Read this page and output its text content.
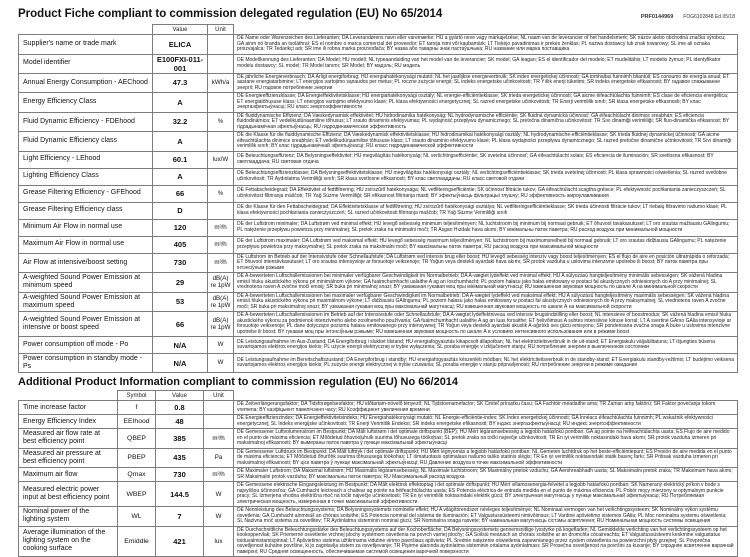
Product Fiche compliant to commission delegated regulation (EU) No 65/2014	PRF0144969 FOG6102848 Ed 05/18
	Value	Unit	
Supplier's name or trade mark	ELICA		DE Name oder Warenzeichen des Lieferanten; DA Leverandørens navn eller varemærke; HU a gyártó neve vagy márkajelzése; NL naam van de leverancier of het handelsmerk; SK názov alebo obchodná značka výrobcu; GA ainm nó branda an tsoláthraí; ES el nombre o marca comercial del proveedor; ET tarnija nimi või kaubamärk; LT Tiekėjo pavadinimas ir prekės ženklas; PL nazwa dostawcy lub znak towarowy; SL ime ali oznaka proizvajalca; TR Tedarikçi adı; SR ime ili robna marka proizvođača; BY назва або таварны знак пастаўшчыка; RU название или марка поставщика
Model identifier	E100FXI-011-001		DE Modellkennung des Lieferanten; DA Model; HU modell; NL typeaanduiding van het model van de leverancier; SK model; GA leagan; ES el identificador del modelo; ET mudelitähis; LT modelio žymuo; PL identyfikator modelu dostawcy; SL model; TR Model tanımı; SR Model; BY мадэль; RU модель
Annual Energy Consumption - AEChood	47.3	kWh/a	DE jährliche Energieverbrauch; DA Årligt energiforbrug; HU energiahatékonysági mutató; NL het jaarlijkse energieverbruik; SK index energetickej účinnosti; GA tomhaltas fuinnimh bliantúil; ES consumo de energía anual; ET aastane energiatarbimine; LT energijos vartojimo sąnaudos per metus; PL roczne zużycie energii; SL indeks energetske učinkovitosti; TR Yıllık enerji tüketimi; SR indeks energetske efikasnosti; BY гадавое спажыванне энергіі; RU годовое потребление энергии
Energy Efficiency Class	A		DE Energieeffizienzklasse; DA Energieffektivitetsklasse; HU energiahatékonysági osztály; NL energie-efficiëntieklasse; SK trieda energetickej účinnosti; GA aicme éifeachtúlachta fuinnimh; ES clase de eficiencia energética; ET energiatõhususe klass; LT energijos vartojimo efektyvumo klasė; PL klasa efektywności energetycznej; SL razred energetske učinkovitosti; TR Enerji verimlilik sınıfı; SR klasa energetske efikasnosti; BY клас энергаэфектыўнасці; RU класс энергоэффективности
Fluid Dynamic Efficiency - FDEhood	32.2	%	DE fluiddynamische Effizienz; DA Væskedynamisk effektivitet; HU hidrodinamika hatékonyság; NL hydrodynamische efficiëntie; SK fluidná dynamická účinnosť; GA éifeachtúlacht dinimice sreabhán; ES eficiencia fluidodinámica; ET vedelikudünaamiline tõhusus; LT srauto dinaminis efektyvumas; PL wydajność przepływu dynamicznego; SL pretočna dinamična učinkovitost; TR Sıvı dinamiği verimliliği; SR fluo-dinamička efikasnost; BY гідрадынамічная эфектыўнасць; RU гидродинамическая эффективность
Fluid Dynamic Efficiency class	A		DE die Klasse für die fluiddynamische Effizienz; DA Væskedynamisk effektivitetsklasse; HU hidrodinamikai hatékonysági osztály; NL hydrodynamische-efficiëntieklasse; SK trieda fluidnej dynamickej účinnosti; GA aicme éifeachtúlachta dinimice sreabhán; ET vedelikudünaamilise tõhususe klass; LT srauto dinaminio efektyvumo klasė; PL klasa wydajności przepływu dynamicznego; SL razred pretočne dinamične učinkovitosti; TR Sıvı dinamiği verimlilik sınıfı; BY клас гідрадынамічнай эфектыўнасці; RU класс гидродинамической эффективности
Light Efficiency - LEhood	60.1	lux/W	DE Beleuchtungseffizienz; DA Belysningseffektivitet; HU megvilágítás hatékonyság; NL verlichtingsefficiëntie; SK svetelná účinnosť; GA éifeachtúlacht solais; ES eficiencia de iluminación; SR svetlosna efikasnost; BY светлааддача; RU световая отдача
Lighting Efficiency Class	A		DE Beleuchtungseffizienzklasse; DA Belysningseffektivitetsklasse; HU megvilágítás hatékonysági osztály; NL verlichtingsefficiëntieklasse; SK trieda svetelnej účinnosti; PL klasa sprawności oświetlenia; SL razred svetlobne učinkovitosti; TR Aydınlatma Verimliliği sınıfı; SR klasa svetlosne efikasnosti; BY клас светлааддачы; RU класс световой отдачи
Grease Filtering Efficiency - GFEhood	66	%	DE Fettabscheidegrad; DA Effektivitet af fedtfiltrering; HU zsírszűrő hatékonysága; NL vetfilteringsefficiëntie; SK účinnosť filtrácie tukov; GA éifeachtúlacht scagtha gréisce; PL efektywność pochłaniania zanieczyszczeń; SL učinkovitost filtriranja maščob; TR Yağ Süzme Verimliliği; SR efikasnost filtriranja masti; BY эфектыўнасць фільтрацыі тлушчу; RU эффективность жироулавливания
Grease Filtering Efficiency class	D		DE die Klasse für den Fettabscheidegrad; DA Effektivitetsklasse af fedtfiltrering; HU zsírszűrő hatékonysági osztálya; NL vetfilteringsefficiëntieklasse; SK trieda účinnosti filtrácie tukov; LT riebalų filtravimo našumo klasė; PL klasa efektywności pochłaniania zanieczyszczeń; SL razred učinkovitosti filtriranja maščob; TR Yağ Süzme Verimliliği sınıfı
Minimum Air Flow in normal use	120	m³/h	DE der Luftstrom minimaler; DA Luftstrøm ved minimal effekt; HU levegő sebesség minimum teljesítményen; NL luchtstroom bij minimum bij normaal gebruik; ET õhuvool tavakasutusel; LT oro srautas mažiausiu GAlingumu; PL natężenie przepływu powietrza przy minimalnej; SL pretok zraka na minimalni moči; TR Asgari Hızdaki hava akımı; BY мінімальны паток паветра; RU расход воздуха при минимальной мощности
Maximum Air Flow in normal use	405	m³/h	DE der Luftstrom maximaler; DA Luftstrøm ved maksimal effekt; HU levegő sebesség maximum teljesítményen; NL luchtstroom bij maximumsnelheid bij normaal gebruik; LT oro srautas didžiausiu GAlingumu; PL natężenie przepływu powietrza przy maksymalnej; SL pretok zraka na maksimalni moči; BY максімальны паток паветра; RU расход воздуха при максимальной мощности
Air Flow at intensive/boost setting	730	m³/h	DE Luftstrom im Betrieb auf der Intensivstufe oder Schnellaufstufe; DA Luftstrøm ved intensiv brug eller boost; HU levegő sebesség intenzív vagy boost teljesítményen; ES el flujo de aire en posición ultrarrápida o reforzada; ET õhuvool intensiivkasutusel; LT oro srautas intensyvioje ar forsuotoje veiksenoje; TR Yoğun veya destekli ayardaki hava akımı; SR protok vazduha u uslovima intenzivne upotrebe ili boost; BY паток паветра пры інтэнсіўным рэжыме
A-weighted Sound Power Emission at minimum speed	29	dB(A) re 1pW	DE A-bewerteten Luftschallemissionen bei minimaler verfügbarer Geschwindigkeit im Normalbetrieb; DA A-vægtet lydeffekt ved minimal effekt; HU A súlyozású hangteljesítmény minimális sebességen; SK vážená hladina emisií hluku akustického výkonu pri minimálnom výkone; GA fuaimchumhacht ualaithe A ag an íoschumhacht; PL poziom hałasu jako hałas emitowany w postaci fal akustycznych odniesionych do A przy minimalnej; SL vrednotena raven A zvočne moči emisij; SR buka pri minimalnoj snazi; BY узважаная гукавая моц пры мінімальнай магутнасці; RU взвешенная звуковая мощность по шкале А на минимальной скорости
A-weighted Sound Power Emission at maximum speed	53	dB(A) re 1pW	DE A-bewerteten Luftschallemissionen bei maximaler verfügbarer Geschwindigkeit im Normalbetrieb; DA A-vægtet lydeffekt ved maksimal effekt; HU A súlyozású hangteljesítmény maximális sebességen; SK vážená hladina emisií hluku akustického výkonu pri maximálnom výkone; LT didžiausiu GAlingumu; PL poziom hałasu jako hałas emitowany w postaci fal akustycznych odniesionych do A przy maksymalnej; SL vrednotena raven A zvočne moči; SR buka pri maksimalnoj snazi; BY узважаная гукавая моц пры максімальнай магутнасці; RU взвешенная звуковая мощность по шкале А на максимальной скорости
A-weighted Sound Power Emission at intensive or boost speed	66	dB(A) re 1pW	DE A-bewerteten Luftschallemissionen im Betrieb auf der Intensivstufe oder Schnellaufstufe; DA A-vægtet lydeffektniveau ved intensiv brugsindstilling eller boost; NL intensieve of boostmodus; SK vážená hladina emisií hluku akustického výkonu za podmienok intenzívneho alebo zosilneného používania; GA fuaimchumhacht ualaithe A ag an luas forsaithe; ET helivõimsus A suhtes intensiivse kiiruse korral; LT A svertinė GArso GAlia intensyvioje ar forsuotoje veiksenoje; PL dane dotyczące poziomu hałasu emitowanego przy intensywnej; TR Yoğun veya destekli ayardaki akustik A-ağırlıklı ses gücü emisyonu; SR ponderisana zvučna snaga A buke u uslovima intenzivne upotrebe ili boost; BY гукавая моц пры інтэнсіўным рэжыме; RU взвешенная звуковая мощность по шкале А в условиях интенсивного использования или в режиме boost
Power consumption off mode - Po	N/A	W	DE Leistungsaufnahme im Aus-Zustand; DA Energiforbrug i slukket tilstand; HU energiafogyasztás kikapcsolt állapotban; NL het elektriciteitsverbruik in de uit-stand; ET Energiakulu väljalülitatuna; LT išjungties būsena suvartojamos elektros energijos kiekis; PL użycie energii elektrycznej w trybie wyłączenia; SL poraba energije v izključenem stanju; RU потребление энергии в выключенном состоянии
Power consumption in standby mode - Ps	N/A	W	DE Leistungsaufnahme im Bereitschaftszustand; DA Energiforbrug i standby; HU energiafogyasztás készenléti módban; NL het elektriciteitsverbruik in de standby-stand; ET Energiakulu standby-režiimis; LT budėjimo veiksena suvartojamos elektros energijos kiekis; PL zużycie energii elektrycznej w trybie czuwania; SL poraba energije v stanju pripravljenosti; RU потребление энергии в режиме ожидания
Additional Product Information compliant to commission regulation (EU) No 66/2014
	Symbol	Value	Unit	
Time increase factor	f	0.8		DE Zeitverlängerungsfaktor; DA Tidsforøgelsesfaktor; HU időtartam-növelő tényező; NL Tijdstoenamefactor; SK Činiteľ prírastku času; GA Fachtóir méadaithe ama; TR Zaman artış faktörü; SR Faktor povećanja tokom vremena; BY каэфіцыент павелічэння часу; RU Коэффициент увеличения времени
Energy Efficiency Index	EEIhood	48		DE Energieeffizienzindex; DA Energieffektivitetsindeks; HU Energiahatékonysági mutató; NL Energie-efficiëntie-index; SK Index energetickej účinnosti; GA Innéacs éifeachtúlachta fuinnimh; PL wskaźnik efektywności energetycznej; SL Indeks energijske učinkovitosti; TR Enerji Verimlilik Endeksi; SR indeks energetske efikasnosti; BY індэкс энергаэфектыўнасці; RU индекс энергоэффективности
Measured air flow rate at best efficiency point	QBEP	385	m³/h	DE Gemessener Luftvolumenstrom im Bestpunkt; DA Målt luftstrøm i det optimale driftspunkt (BEP); HU Mért légáramsebesség a legjobb hatásfokú pontban; GA ag pointe na héifeachtúlachta uasta; ES Flujo de aire medido en el punto de máxima eficiencia; ET Mõõdetud õhuvooluhulk suurima tõhususega töökohas; SL pretok zraka na točki največje učinkovitosti; TR En iyi verimlilik noktasındaki hava akımı; SR protok vazduha izmeren pri maksimalnoj efikasnosti; BY вымераны паток паветра ў пункце максімальнай эфектыўнасці
Measured air pressure at best efficiency point	PBEP	435	Pa	DE Gemessener Luftdruck im Bestpunkt; DA Målt lufttryk i det optimale driftspunkt; HU Mért légnyomás a legjobb hatásfokú pontban; NL Gemeten luchtdruk op het beste-efficiëntiepunt; ES Presión de aire medida en el punto de máxima eficiencia; ET Mõõdetud õhurõhk suurima tõhususega töökohas; LT išmatuotasis optimalaus našumo taško statinis slėgis; TR En iyi verimlilik noktasındaki statik basınç farkı; SR Pritisak vazduha izmeren pri maksimalnoj efikasnosti; BY ціск паветра ў пункце максімальнай эфектыўнасці; RU Давление воздуха в точке максимальной эффективности
Maximum air flow	Qmax	730	m³/h	DE Maximaler Luftstrom; DA Maksimal luftstrøm; HU Maximális légáramsebesség; NL Maximale luchtstroom; SK Maximálny prietok vzduchu; GA Aershreabhadh uasta; SL Maksimalni pretok zraka; TR Maksimum hava akımı; SR Maksimalni protok vazduha; BY максімальны паток паветра; RU Максимальный расход воздуха
Measured electric power input at best efficiency point	WBEP	144.5	W	DE Gemessene elektrische Eingangsleistung im Bestpunkt; DA Målt elektrisk effektoptag i det optimale driftspunkt; HU Mért villamosenergia-felvétel a legjobb hatásfokú pontban; SK Nameraný elektrický príkon v bode s najvyššou účinnosťou; GA Cumhacht leictreach a chaitear ag pointe na héifeachtúlachta uasta; ES Potencia eléctrica de entrada medida en el punto de máxima eficiencia; PL Pobór mocy mierzony w optymalnym punkcie pracy; SL Izmerjena vhodna električna moč na točki največje učinkovitosti; TR En iyi verimlilik noktasındaki elektrik gücü; BY электрычная магутнасць у пункце максімальнай эфектыўнасці; RU Потребляемая электрическая мощность, измеренная в точке максимальной эффективности
Nominal power of the lighting system	WL	7	W	DE Nennleistung des Beleuchtungssystems; DA Belysningssystemets nominelle effekt; HU A világítórendszer névleges teljesítménye; NL Nominaal vermogen van het verlichtingssysteem; SK Nominálny výkon systému osvetlenia; GA Cumhacht ainmniúil an chórais soilsithe; ES Potencia nominal del sistema de iluminación; ET Valgustussüsteemi nimivõimsus; LT Vardinė apšvietimo sistemos GAlia; PL Moc nominalna systemu oświetlenia; SL Nazivna moč sistema za osvetlitev; TR Aydınlatma sisteminin nominal gücü; SR Nominalna snaga rasvete; BY намінальная магутнасць сістэмы асвятлення; RU Номинальная мощность системы освещения
Average illumination of the lighting system on the cooking surface	Emiddle	421	lux	DE Durchschnittliche Beleuchtungsstärke des Beleuchtungssystems auf der Kochoberfläche; DA Belysningssystemets gennemsnitlige lysstyrke på kogefladen; NL Gemiddelde verlichting van het verlichtingssysteem op het kookoppervlak; SK Priemerné osvetlenie vrchnej plochy systémom osvetlenia na povrch varnej plochy; GA Soilsiú meánach an chórais soilsithe ar an dromchla cócaireachta; ET Valgustussüsteemi keskmine valgustatus toiduvalmistamispinnal; LT Apšvietimo sistema užtikrinama vidutinė virimo paviršiaus apšvieta; PL Średnie natężenie oświetlenia zapewnianego przez system oświetlenia na powierzchni płyty grzejnej; SL Povprečna osvetljenost kuhalne površine, ki jo zagotavlja sistem za osvetljevanje; TR Pişirme alanında aydınlatma sisteminin ortalama aydınlatması; SR Prosečna osvetljenost na površini za kuvanje; BY сярэдняе асвятленне варачнай паверхні; RU Средняя освещенность, обеспечиваемая системой освещения варочной поверхности
